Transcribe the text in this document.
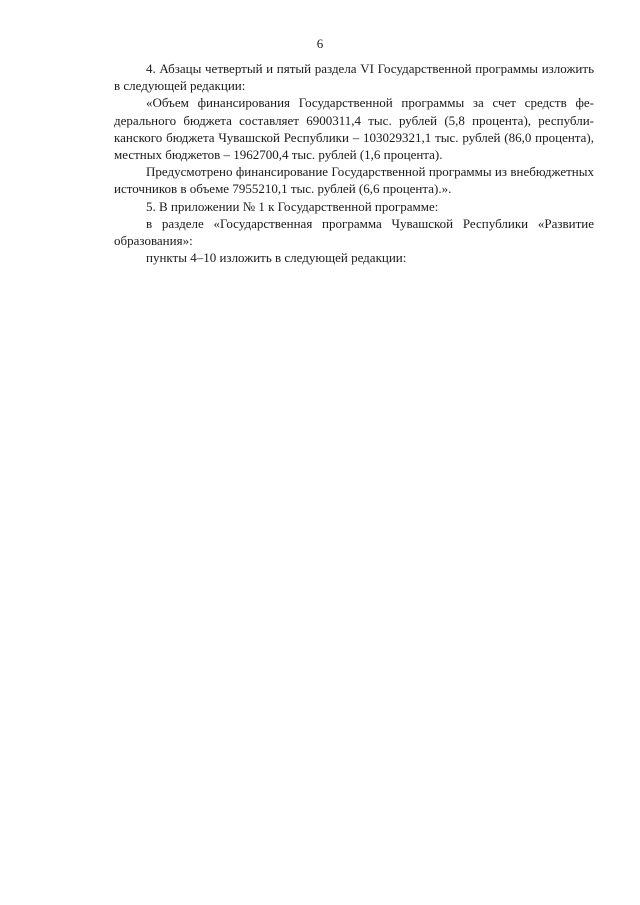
6

4. Абзацы четвертый и пятый раздела VI Государственной программы изложить в следующей редакции:

«Объем финансирования Государственной программы за счет средств федерального бюджета составляет 6900311,4 тыс. рублей (5,8 процента), республиканского бюджета Чувашской Республики – 103029321,1 тыс. рублей (86,0 процента), местных бюджетов – 1962700,4 тыс. рублей (1,6 процента).

Предусмотрено финансирование Государственной программы из внебюджетных источников в объеме 7955210,1 тыс. рублей (6,6 процента).».

5. В приложении № 1 к Государственной программе:

в разделе «Государственная программа Чувашской Республики «Развитие образования»:

пункты 4–10 изложить в следующей редакции:
